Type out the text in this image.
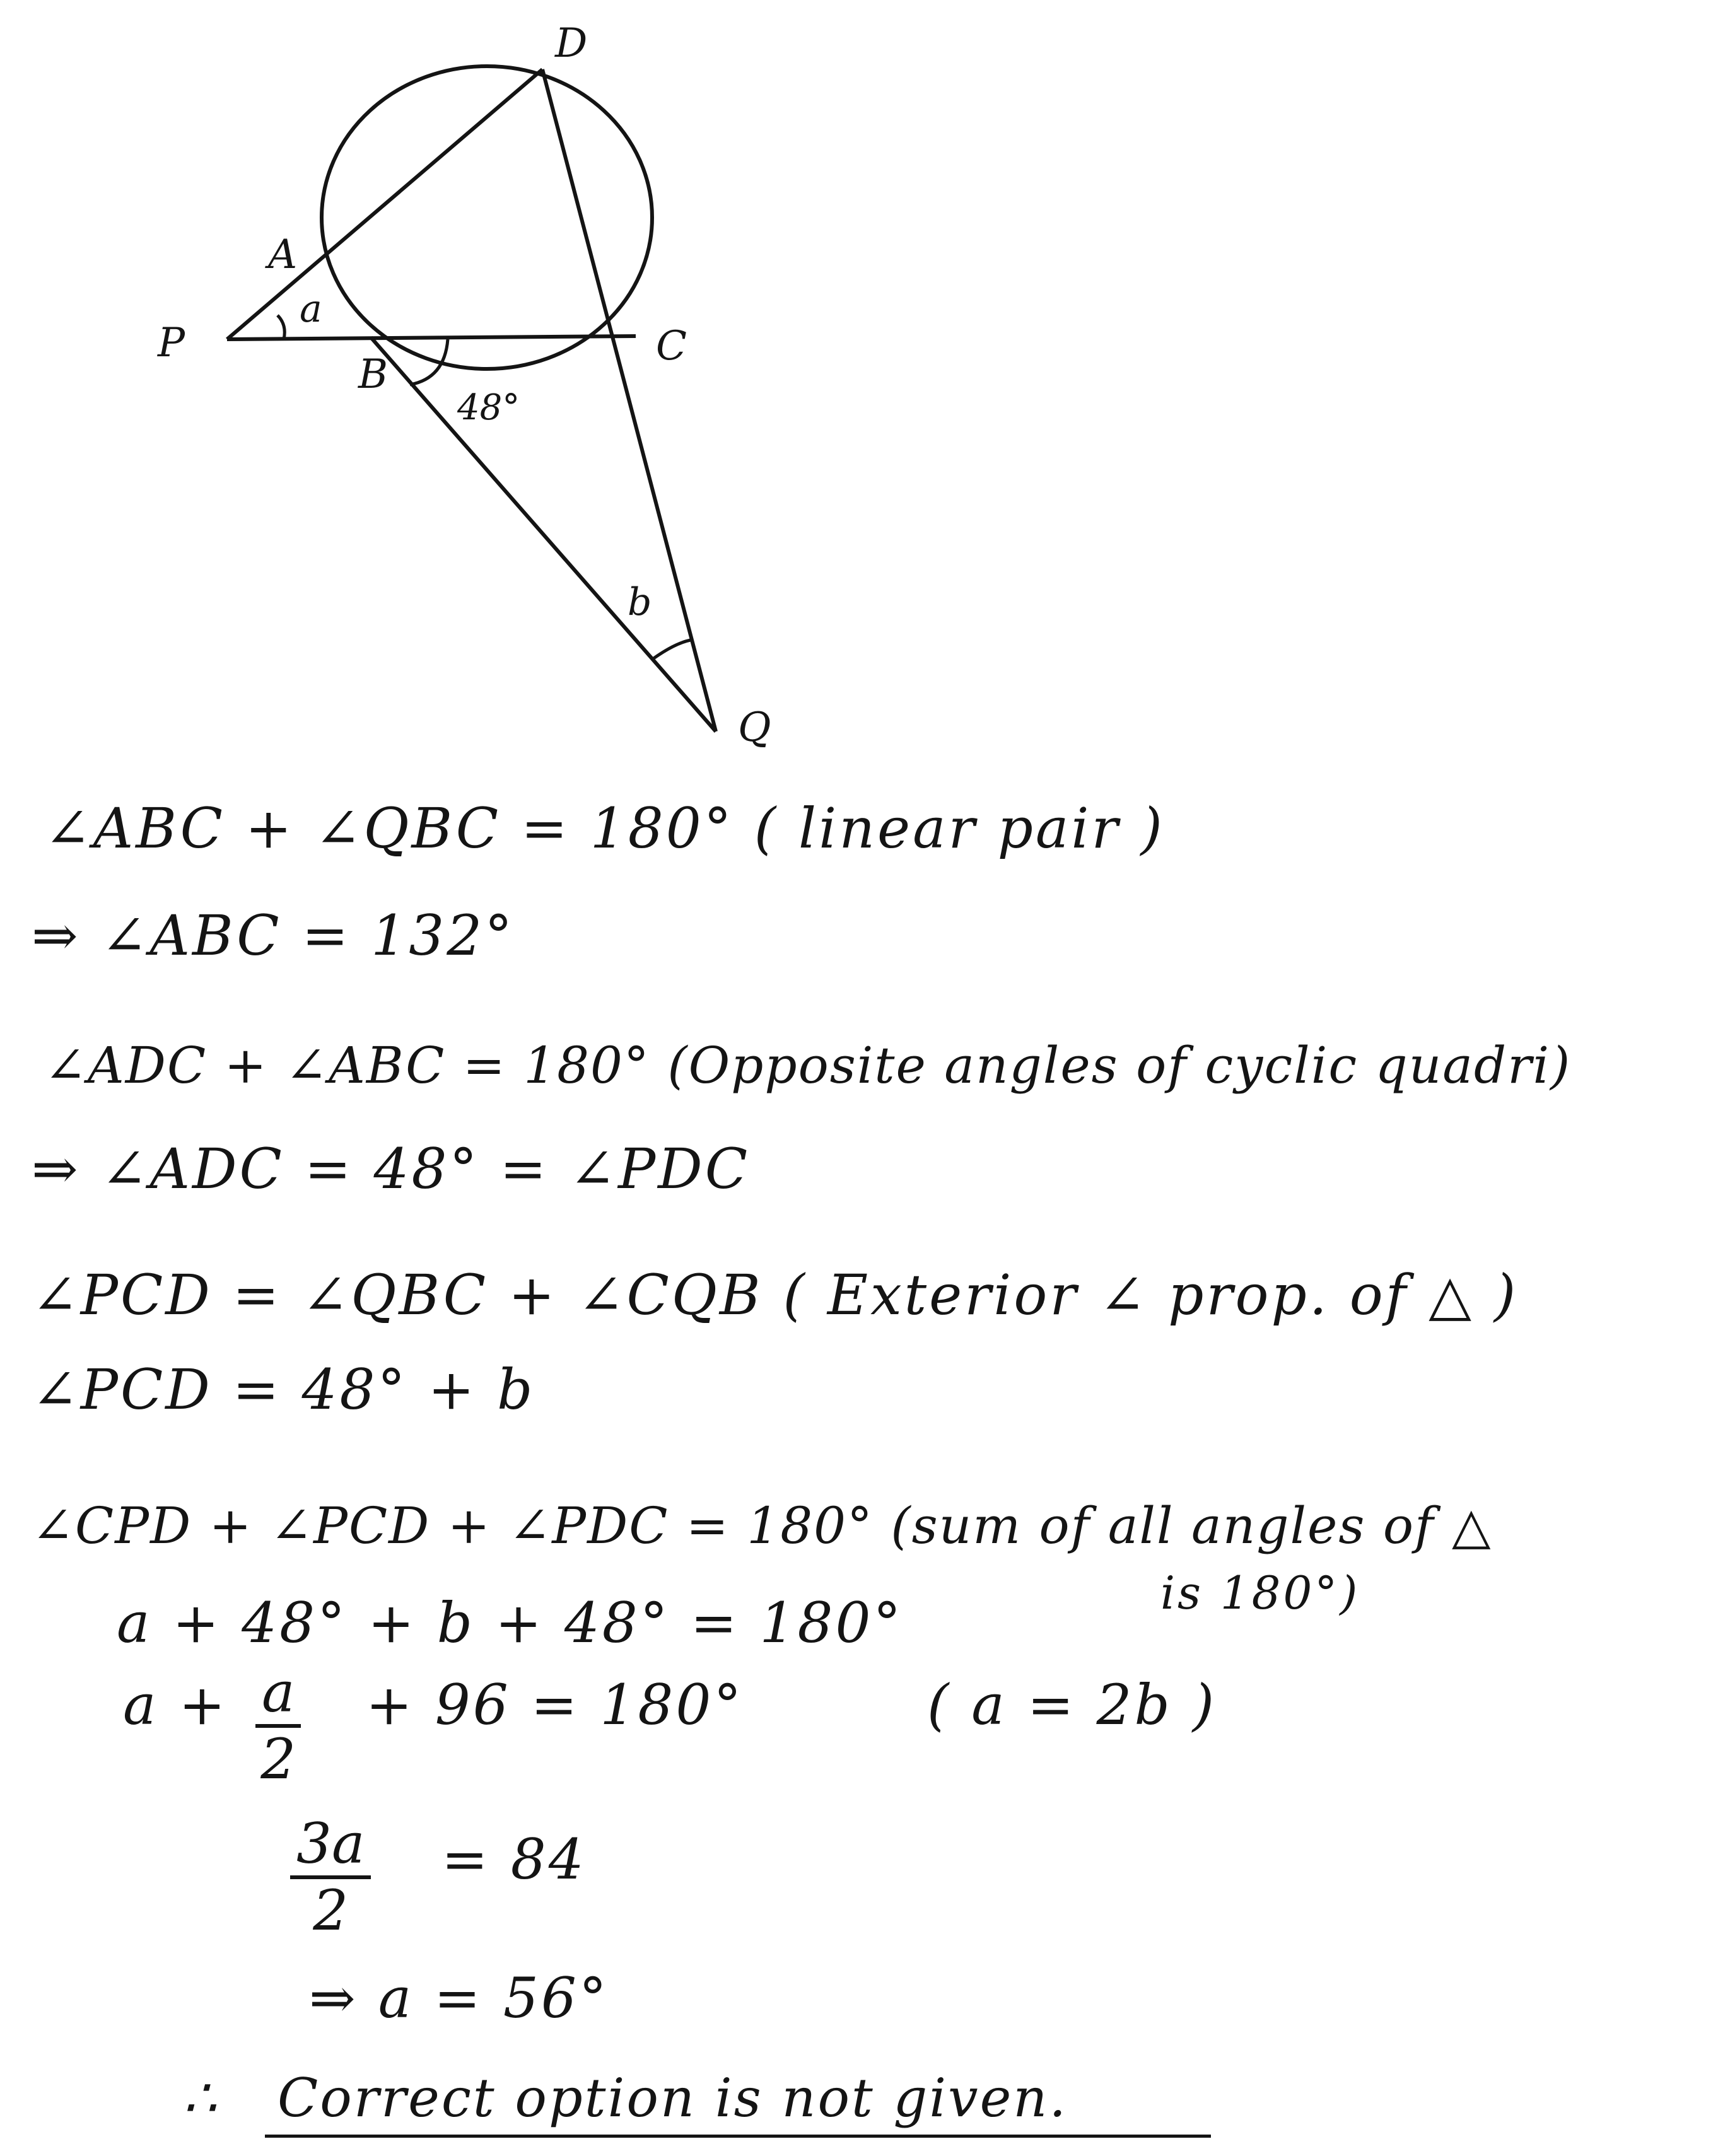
D
A
P
B
C
Q
a
48°
b
∠ABC + ∠QBC = 180° ( linear pair )
⇒ ∠ABC = 132°
∠ADC + ∠ABC = 180° (Opposite angles of cyclic quadri)
⇒ ∠ADC = 48° = ∠PDC
∠PCD = ∠QBC + ∠CQB ( Exterior ∠ prop. of △ )
∠PCD = 48° + b
∠CPD + ∠PCD + ∠PDC = 180° (sum of all angles of △
is 180°)
a + 48° + b + 48° = 180°
$a + \frac{a}{2} + 96 = 180^\circ$	( a = 2b )
$\frac{3a}{2} = 84$
⇒ a = 56°
∴ Correct option is not given.
